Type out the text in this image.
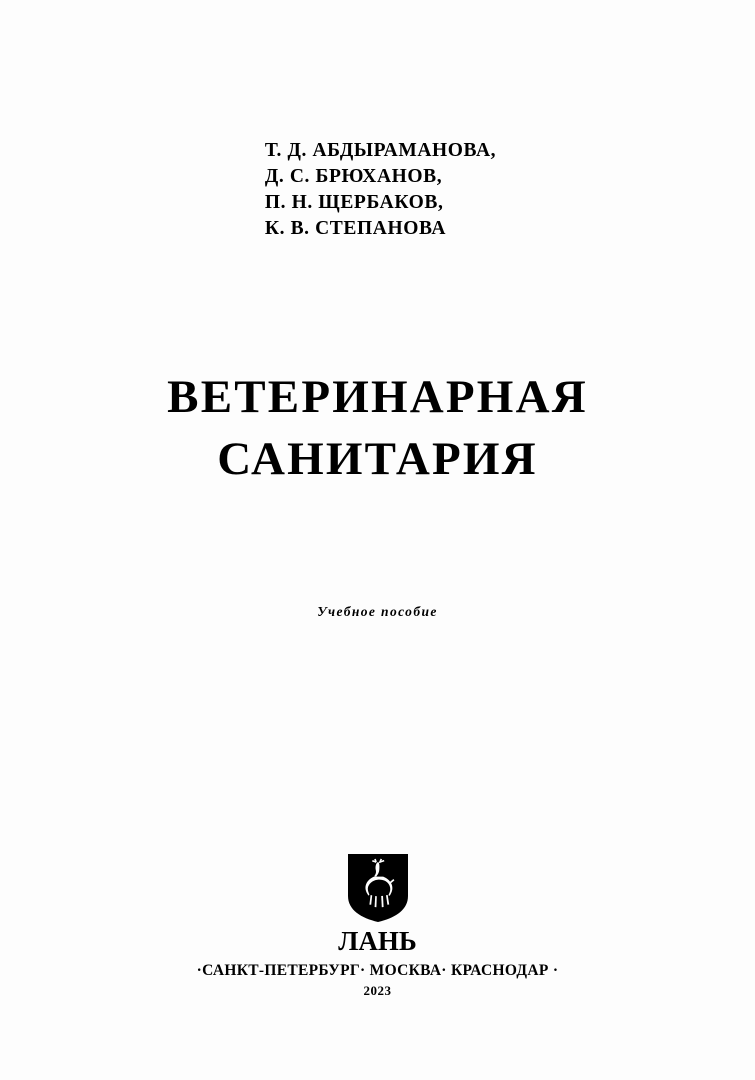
Т. Д. АБДЫРАМАНОВА,
Д. С. БРЮХАНОВ,
П. Н. ЩЕРБАКОВ,
К. В. СТЕПАНОВА
ВЕТЕРИНАРНАЯ
САНИТАРИЯ
Учебное пособие
ЛАНЬ
·САНКТ-ПЕТЕРБУРГ· МОСКВА· КРАСНОДАР ·
2023
